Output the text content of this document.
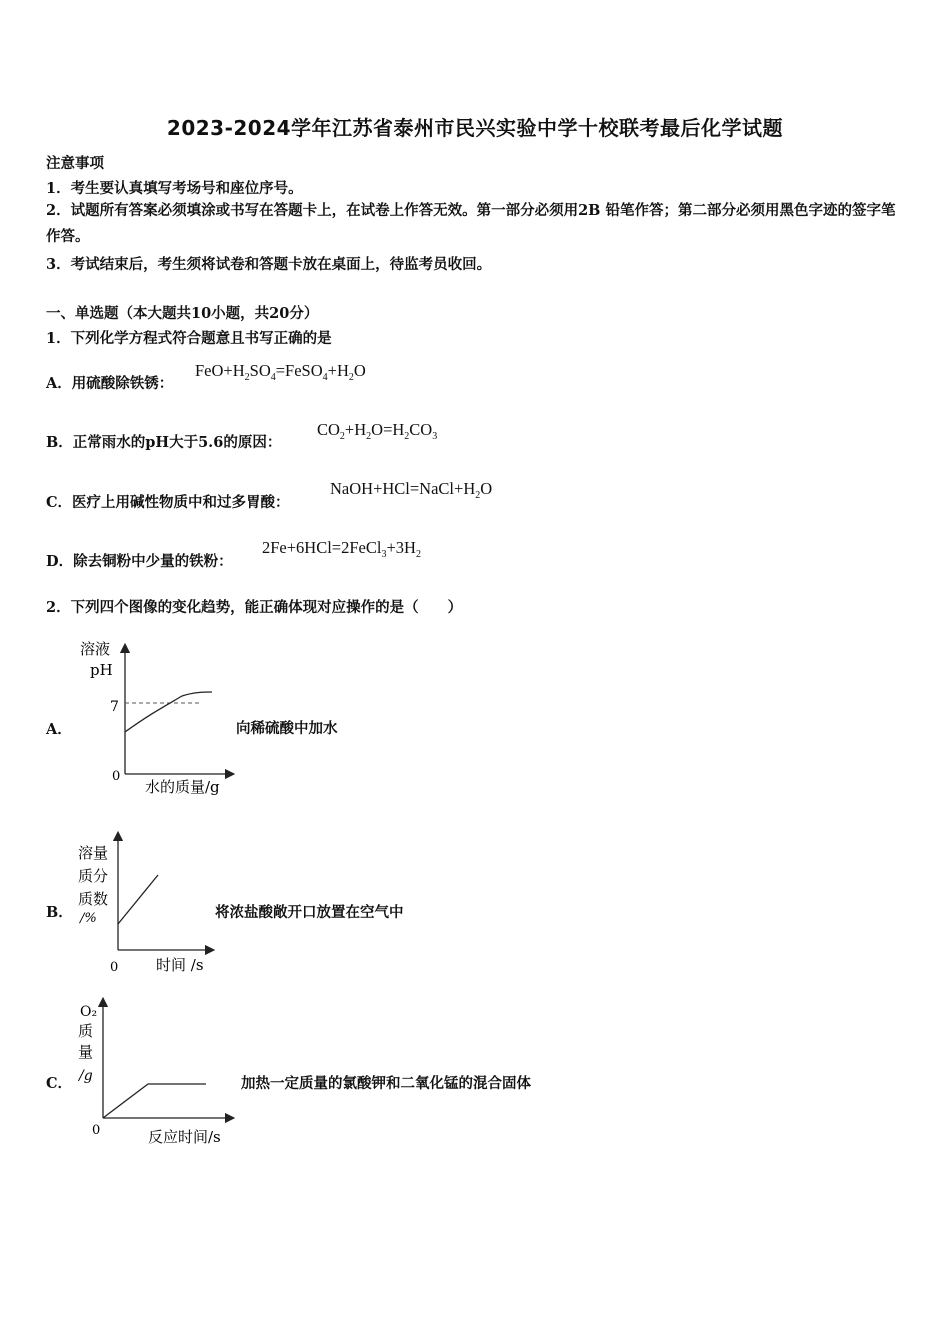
2023-2024学年江苏省泰州市民兴实验中学十校联考最后化学试题
注意事项
1．考生要认真填写考场号和座位序号。
2．试题所有答案必须填涂或书写在答题卡上，在试卷上作答无效。第一部分必须用2B 铅笔作答；第二部分必须用黑色字迹的签字笔作答。
3．考试结束后，考生须将试卷和答题卡放在桌面上，待监考员收回。
一、单选题（本大题共10小题，共20分）
1．下列化学方程式符合题意且书写正确的是
A．用硫酸除铁锈：
$FeO+H_2SO_4=FeSO_4+H_2O$
B．正常雨水的pH大于5.6的原因：
$CO_2+H_2O=H_2CO_3$
C．医疗上用碱性物质中和过多胃酸：
$NaOH+HCl=NaCl+H_2O$
D．除去铜粉中少量的铁粉：
$2Fe+6HCl=2FeCl_3+3H_2$
2．下列四个图像的变化趋势，能正确体现对应操作的是（　　）
A．
溶液
pH
7
0
水的质量/g
向稀硫酸中加水
B．
溶量
质分
质数
/%
0	时间 /s
将浓盐酸敞开口放置在空气中
C．
O₂
质
量
/g
0	反应时间/s
加热一定质量的氯酸钾和二氧化锰的混合固体
